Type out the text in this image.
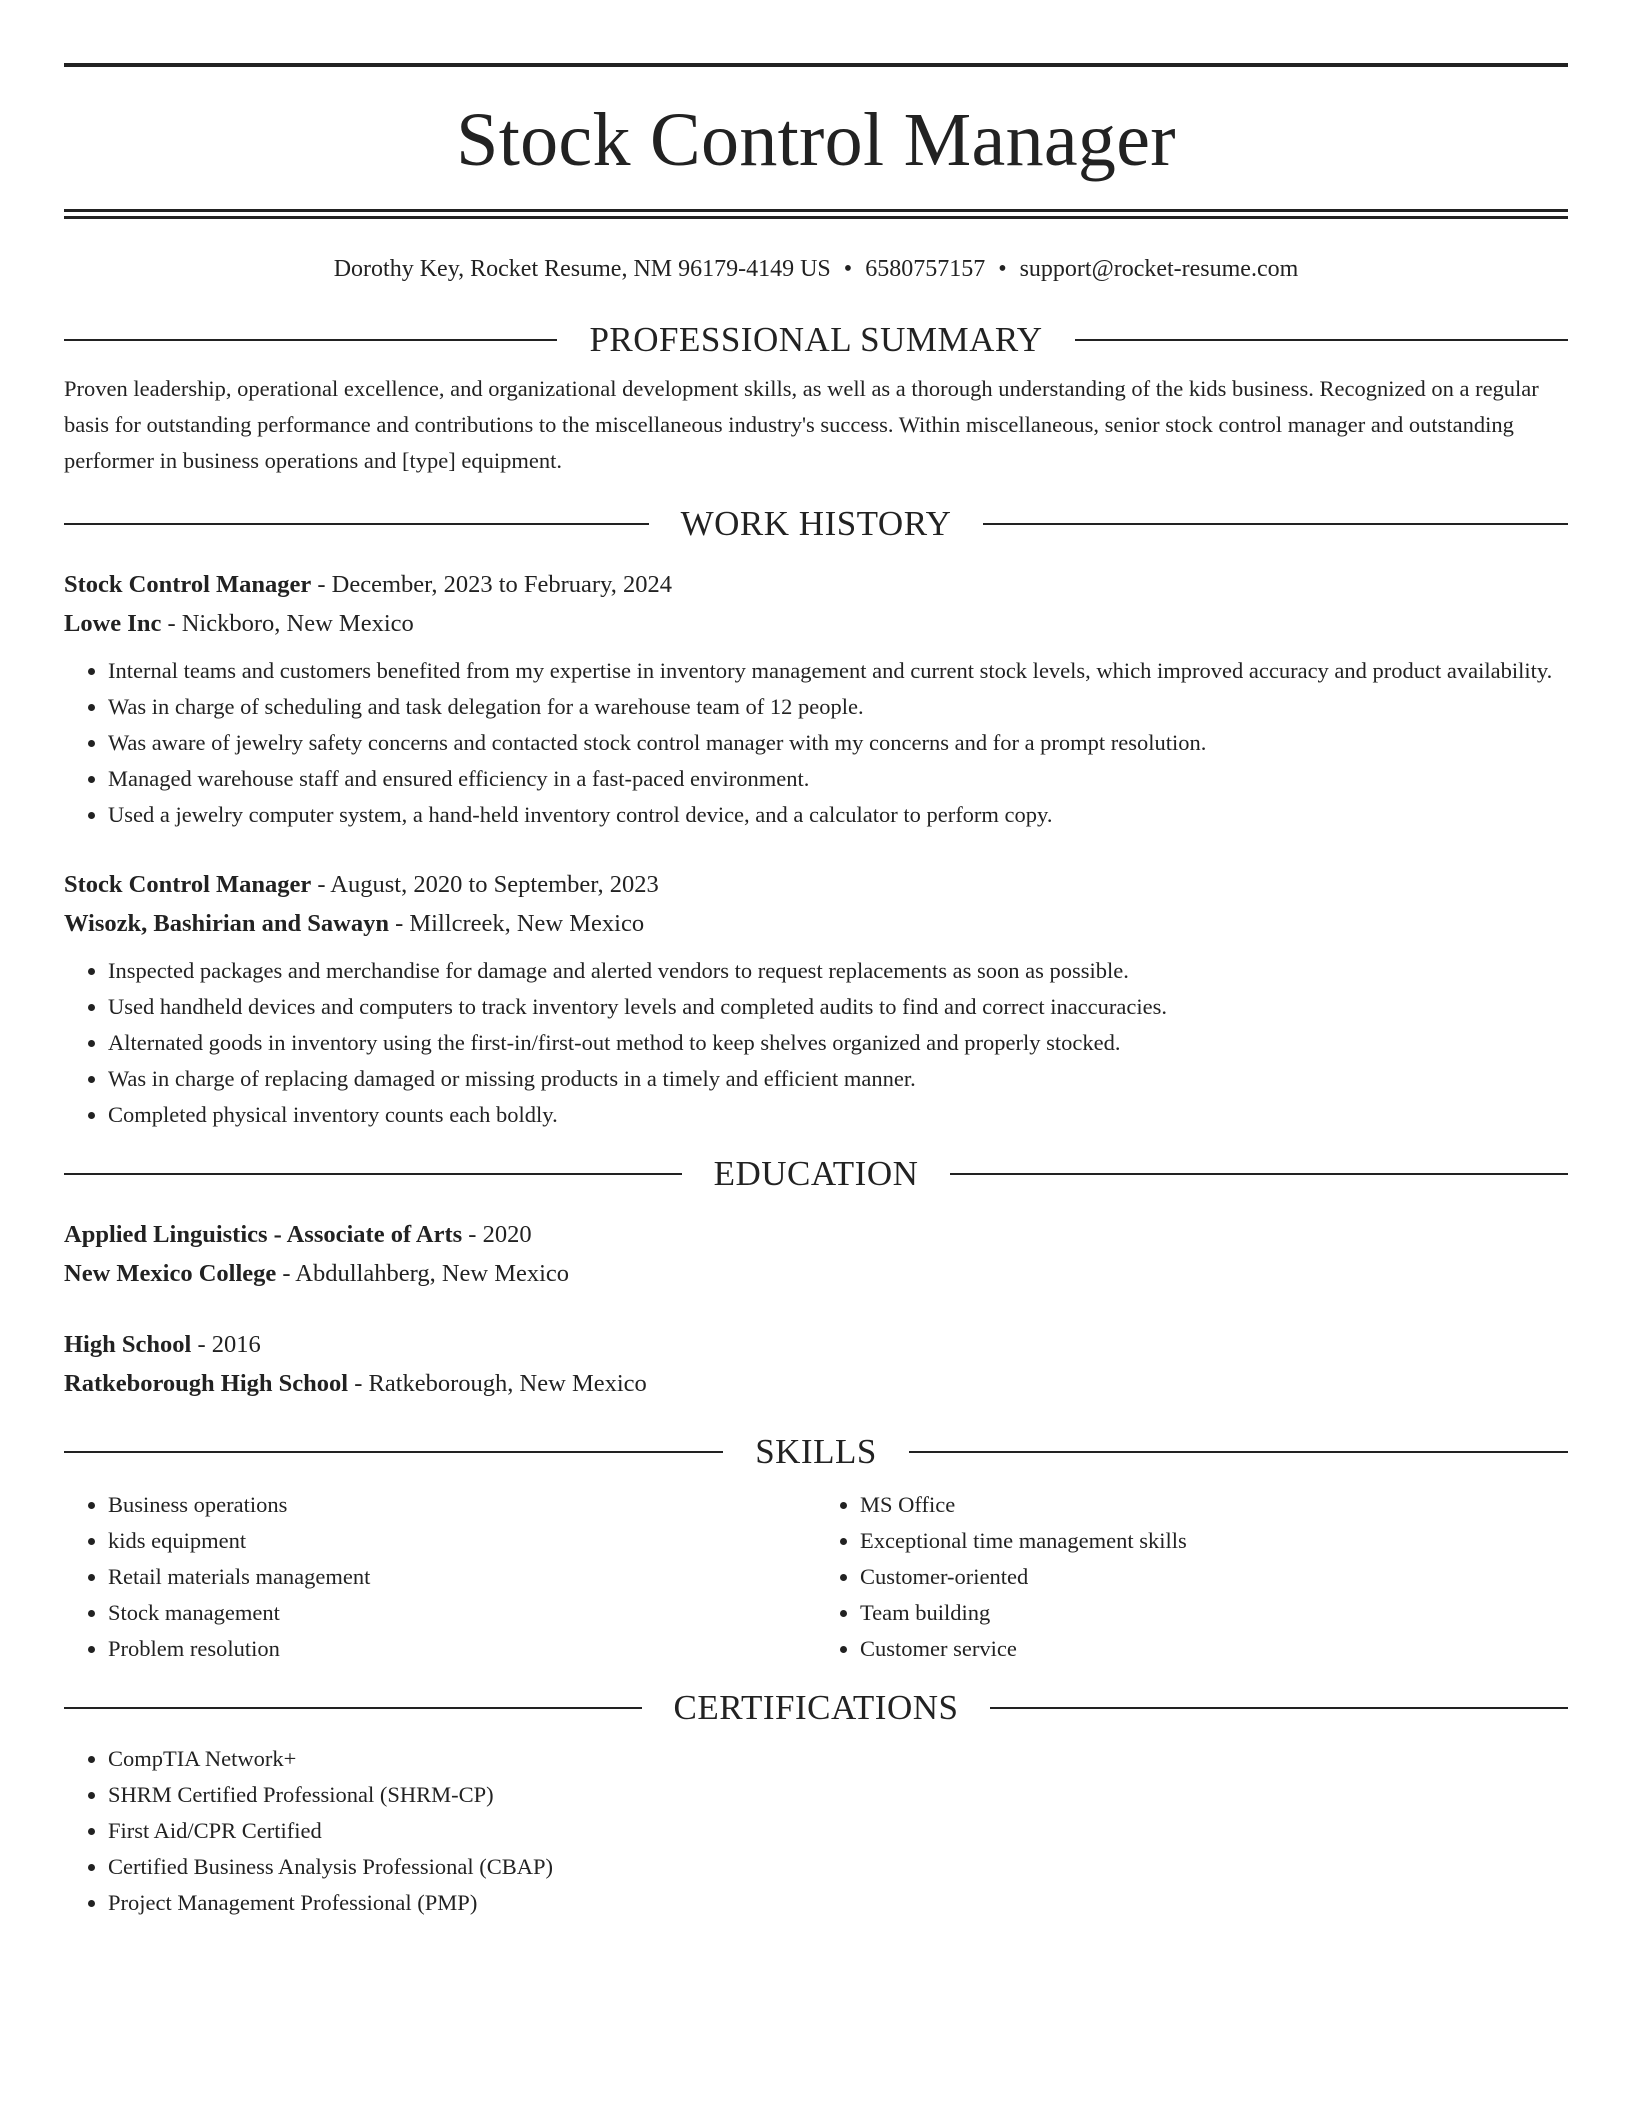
Stock Control Manager
Dorothy Key, Rocket Resume, NM 96179-4149 US • 6580757157 • support@rocket-resume.com
PROFESSIONAL SUMMARY
Proven leadership, operational excellence, and organizational development skills, as well as a thorough understanding of the kids business. Recognized on a regular basis for outstanding performance and contributions to the miscellaneous industry's success. Within miscellaneous, senior stock control manager and outstanding performer in business operations and [type] equipment.
WORK HISTORY
Stock Control Manager - December, 2023 to February, 2024
Lowe Inc - Nickboro, New Mexico
• Internal teams and customers benefited from my expertise in inventory management and current stock levels, which improved accuracy and product availability.
• Was in charge of scheduling and task delegation for a warehouse team of 12 people.
• Was aware of jewelry safety concerns and contacted stock control manager with my concerns and for a prompt resolution.
• Managed warehouse staff and ensured efficiency in a fast-paced environment.
• Used a jewelry computer system, a hand-held inventory control device, and a calculator to perform copy.
Stock Control Manager - August, 2020 to September, 2023
Wisozk, Bashirian and Sawayn - Millcreek, New Mexico
• Inspected packages and merchandise for damage and alerted vendors to request replacements as soon as possible.
• Used handheld devices and computers to track inventory levels and completed audits to find and correct inaccuracies.
• Alternated goods in inventory using the first-in/first-out method to keep shelves organized and properly stocked.
• Was in charge of replacing damaged or missing products in a timely and efficient manner.
• Completed physical inventory counts each boldly.
EDUCATION
Applied Linguistics - Associate of Arts - 2020
New Mexico College - Abdullahberg, New Mexico
High School - 2016
Ratkeborough High School - Ratkeborough, New Mexico
SKILLS
• Business operations
• kids equipment
• Retail materials management
• Stock management
• Problem resolution
• MS Office
• Exceptional time management skills
• Customer-oriented
• Team building
• Customer service
CERTIFICATIONS
• CompTIA Network+
• SHRM Certified Professional (SHRM-CP)
• First Aid/CPR Certified
• Certified Business Analysis Professional (CBAP)
• Project Management Professional (PMP)
